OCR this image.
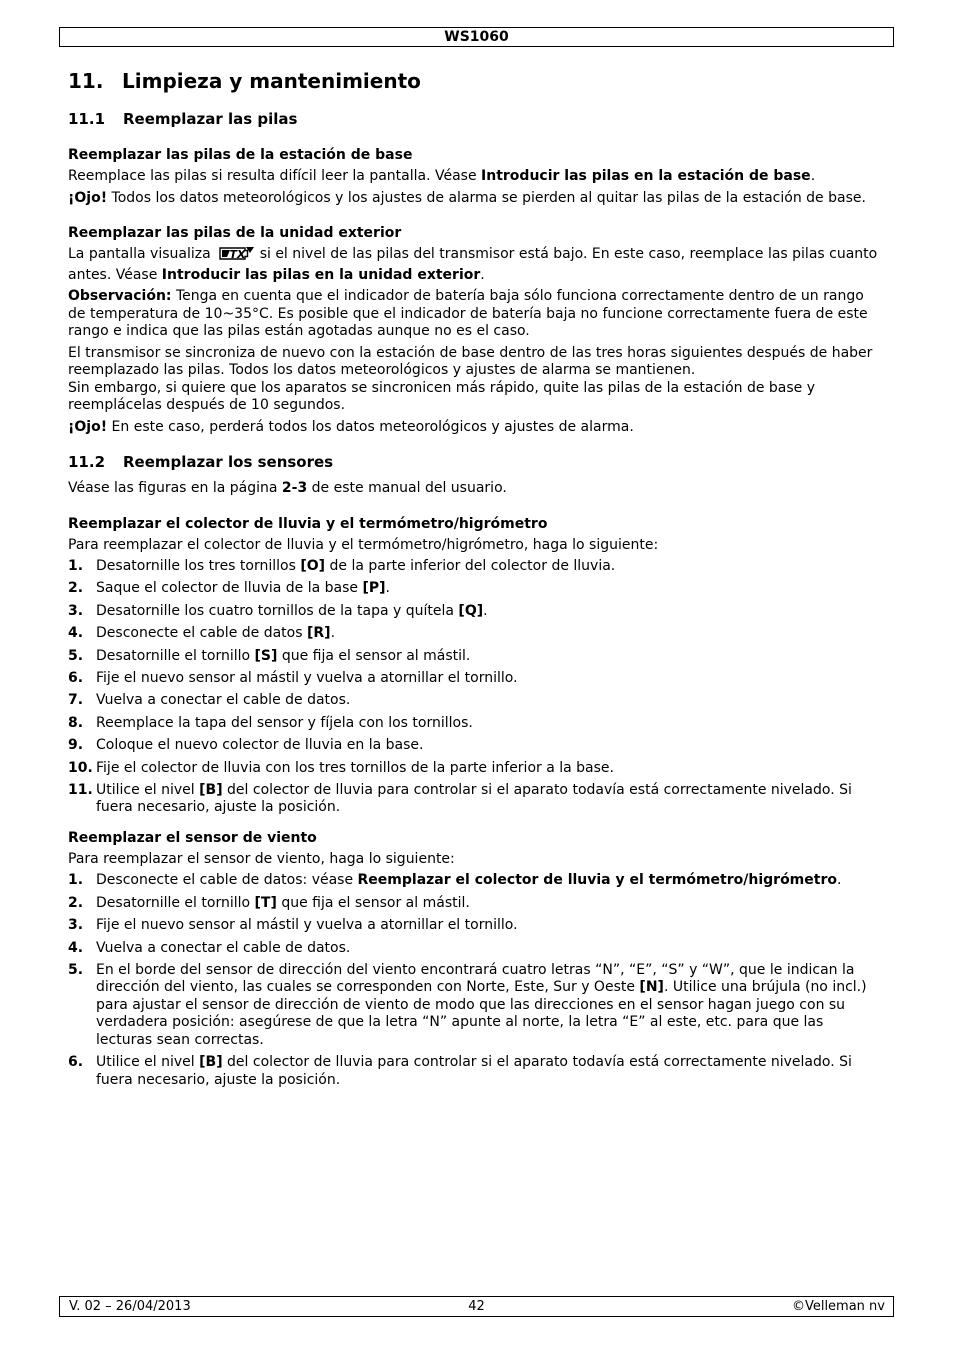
WS1060
11. Limpieza y mantenimiento
11.1 Reemplazar las pilas
Reemplazar las pilas de la estación de base

Reemplace las pilas si resulta difícil leer la pantalla. Véase Introducir las pilas en la estación de base.

¡Ojo! Todos los datos meteorológicos y los ajustes de alarma se pierden al quitar las pilas de la estación de base.

Reemplazar las pilas de la unidad exterior

La pantalla visualiza TX si el nivel de las pilas del transmisor está bajo. En este caso, reemplace las pilas cuanto antes. Véase Introducir las pilas en la unidad exterior.

Observación: Tenga en cuenta que el indicador de batería baja sólo funciona correctamente dentro de un rango de temperatura de 10~35°C. Es posible que el indicador de batería baja no funcione correctamente fuera de este rango e indica que las pilas están agotadas aunque no es el caso.

El transmisor se sincroniza de nuevo con la estación de base dentro de las tres horas siguientes después de haber reemplazado las pilas. Todos los datos meteorológicos y ajustes de alarma se mantienen.

Sin embargo, si quiere que los aparatos se sincronicen más rápido, quite las pilas de la estación de base y reemplácelas después de 10 segundos.

¡Ojo! En este caso, perderá todos los datos meteorológicos y ajustes de alarma.

11.2 Reemplazar los sensores

Véase las figuras en la página 2-3 de este manual del usuario.

Reemplazar el colector de lluvia y el termómetro/higrómetro

Para reemplazar el colector de lluvia y el termómetro/higrómetro, haga lo siguiente:

1. Desatornille los tres tornillos [O] de la parte inferior del colector de lluvia.
2. Saque el colector de lluvia de la base [P].
3. Desatornille los cuatro tornillos de la tapa y quítela [Q].
4. Desconecte el cable de datos [R].
5. Desatornille el tornillo [S] que fija el sensor al mástil.
6. Fije el nuevo sensor al mástil y vuelva a atornillar el tornillo.
7. Vuelva a conectar el cable de datos.
8. Reemplace la tapa del sensor y fíjela con los tornillos.
9. Coloque el nuevo colector de lluvia en la base.
10. Fije el colector de lluvia con los tres tornillos de la parte inferior a la base.
11. Utilice el nivel [B] del colector de lluvia para controlar si el aparato todavía está correctamente nivelado. Si fuera necesario, ajuste la posición.
Reemplazar el sensor de viento

Para reemplazar el sensor de viento, haga lo siguiente:

1. Desconecte el cable de datos: véase Reemplazar el colector de lluvia y el termómetro/higrómetro.
2. Desatornille el tornillo [T] que fija el sensor al mástil.
3. Fije el nuevo sensor al mástil y vuelva a atornillar el tornillo.
4. Vuelva a conectar el cable de datos.
5. En el borde del sensor de dirección del viento encontrará cuatro letras “N”, “E”, “S” y “W”, que le indican la dirección del viento, las cuales se corresponden con Norte, Este, Sur y Oeste [N]. Utilice una brújula (no incl.) para ajustar el sensor de dirección de viento de modo que las direcciones en el sensor hagan juego con su verdadera posición: asegúrese de que la letra “N” apunte al norte, la letra “E” al este, etc. para que las lecturas sean correctas.
6. Utilice el nivel [B] del colector de lluvia para controlar si el aparato todavía está correctamente nivelado. Si fuera necesario, ajuste la posición.
V. 02 – 26/04/2013	42	©Velleman nv
